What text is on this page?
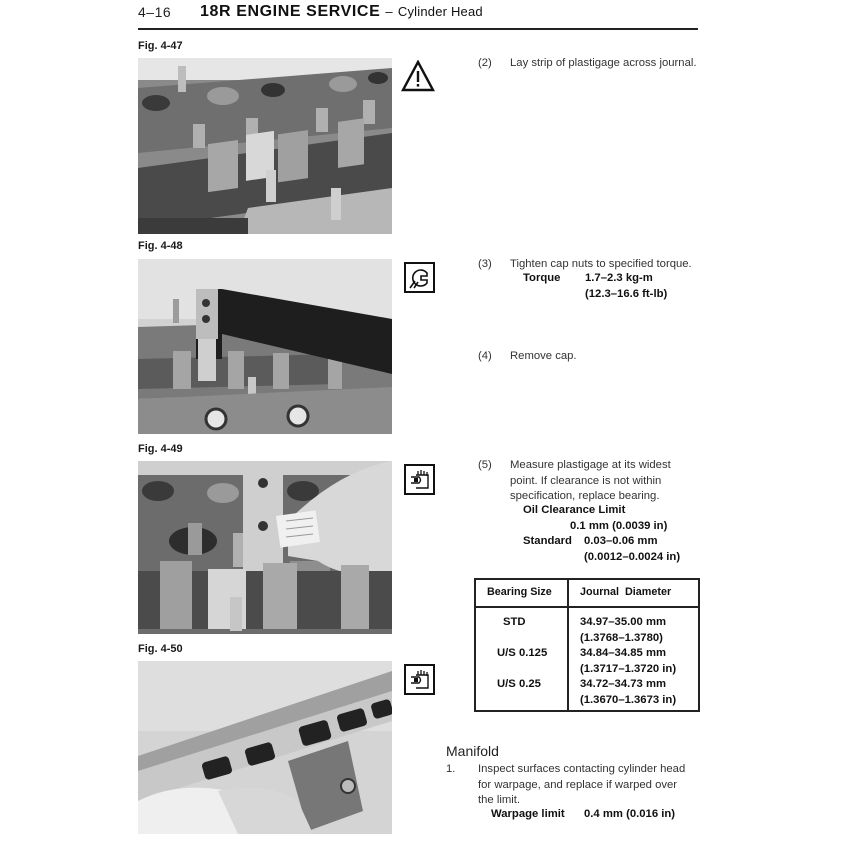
4–16 18R ENGINE SERVICE – Cylinder Head
Fig. 4-47
(2) Lay strip of plastigage across journal.
Fig. 4-48
(3) Tighten cap nuts to specified torque.
Torque 1.7–2.3 kg-m
(12.3–16.6 ft-lb)
(4) Remove cap.
Fig. 4-49
(5) Measure plastigage at its widest
point. If clearance is not within
specification, replace bearing.
Oil Clearance Limit
0.1 mm (0.0039 in)
Standard 0.03–0.06 mm
(0.0012–0.0024 in)
Bearing Size	Journal  Diameter
STD	34.97–35.00 mm
(1.3768–1.3780)
U/S 0.125	34.84–34.85 mm
(1.3717–1.3720 in)
U/S 0.25	34.72–34.73 mm
(1.3670–1.3673 in)
Fig. 4-50
Manifold
1. Inspect surfaces contacting cylinder head
for warpage, and replace if warped over
the limit.
Warpage limit 0.4 mm (0.016 in)
